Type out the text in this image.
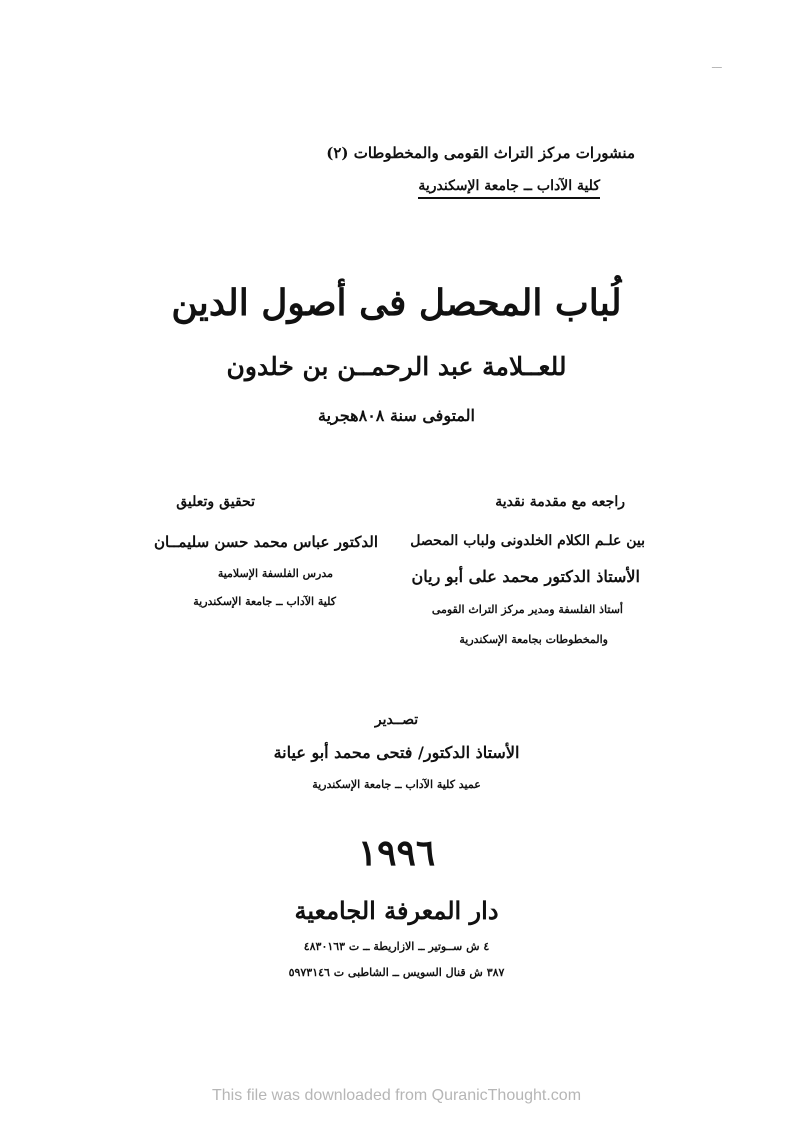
ـــ
منشورات مركز التراث القومى والمخطوطات (٢)
كلية الآداب ــ جامعة الإسكندرية
لُباب المحصل فى أصول الدين
للعــلامة عبد الرحمــن بن خلدون
المتوفى سنة ٨٠٨هجرية
راجعه مع مقدمة نقدية
بين علـم الكلام الخلدونى ولباب المحصل
الأستاذ الدكتور محمد على أبو ريان
أستاذ الفلسفة ومدير مركز التراث القومى
والمخطوطات بجامعة الإسكندرية
تحقيق وتعليق
الدكتور عباس محمد حسن سليمــان
مدرس الفلسفة الإسلامية
كلية الآداب ــ جامعة الإسكندرية
تصــدير
الأستاذ الدكتور/ فتحى محمد أبو عيانة
عميد كلية الآداب ــ جامعة الإسكندرية
١٩٩٦
دار المعرفة الجامعية
٤ ش ســوتير ــ الازاريطة ــ ت ٤٨٣٠١٦٣
٣٨٧ ش قنال السويس ــ الشاطبى ت ٥٩٧٣١٤٦
This file was downloaded from QuranicThought.com
